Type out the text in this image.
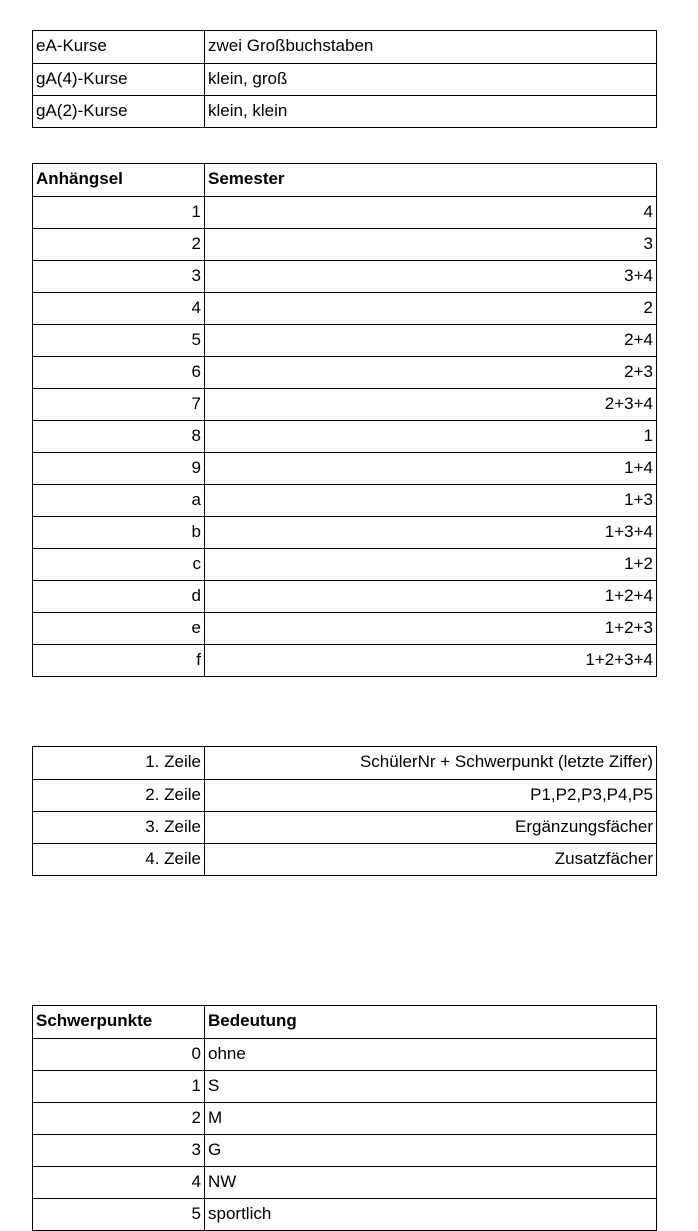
eA-Kurse	zwei Großbuchstaben
gA(4)-Kurse	klein, groß
gA(2)-Kurse	klein, klein
Anhängsel	Semester
1	4
2	3
3	3+4
4	2
5	2+4
6	2+3
7	2+3+4
8	1
9	1+4
a	1+3
b	1+3+4
c	1+2
d	1+2+4
e	1+2+3
f	1+2+3+4
1. Zeile	SchülerNr + Schwerpunkt (letzte Ziffer)
2. Zeile	P1,P2,P3,P4,P5
3. Zeile	Ergänzungsfächer
4. Zeile	Zusatzfächer
Schwerpunkte	Bedeutung
0 ohne
1 S
2 M
3 G
4 NW
5 sportlich
